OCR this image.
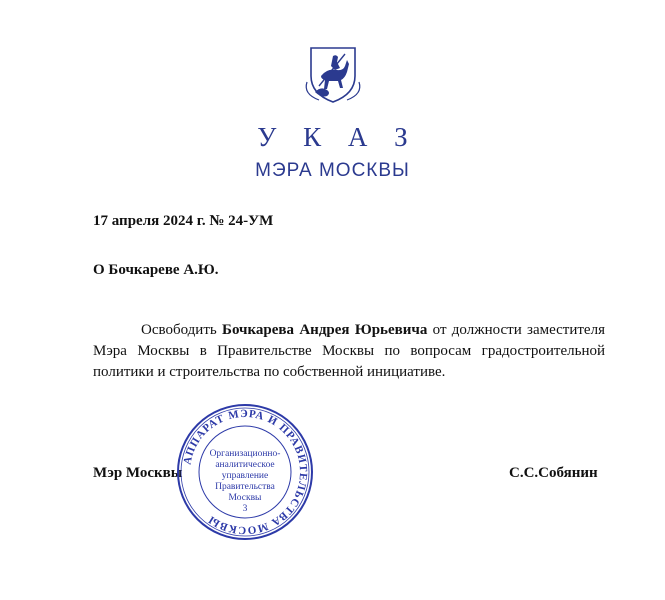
У К А З
МЭРА МОСКВЫ
17 апреля 2024 г. № 24-УМ
О Бочкареве А.Ю.
Освободить Бочкарева Андрея Юрьевича от должности заместителя Мэра Москвы в Правительстве Москвы по вопросам градостроительной политики и строительства по собственной инициативе.
Мэр Москвы	С.С.Собянин
АППАРАТ МЭРА И ПРАВИТЕЛЬСТВА МОСКВЫ
Организационно-
аналитическое
управление
Правительства
Москвы
3
